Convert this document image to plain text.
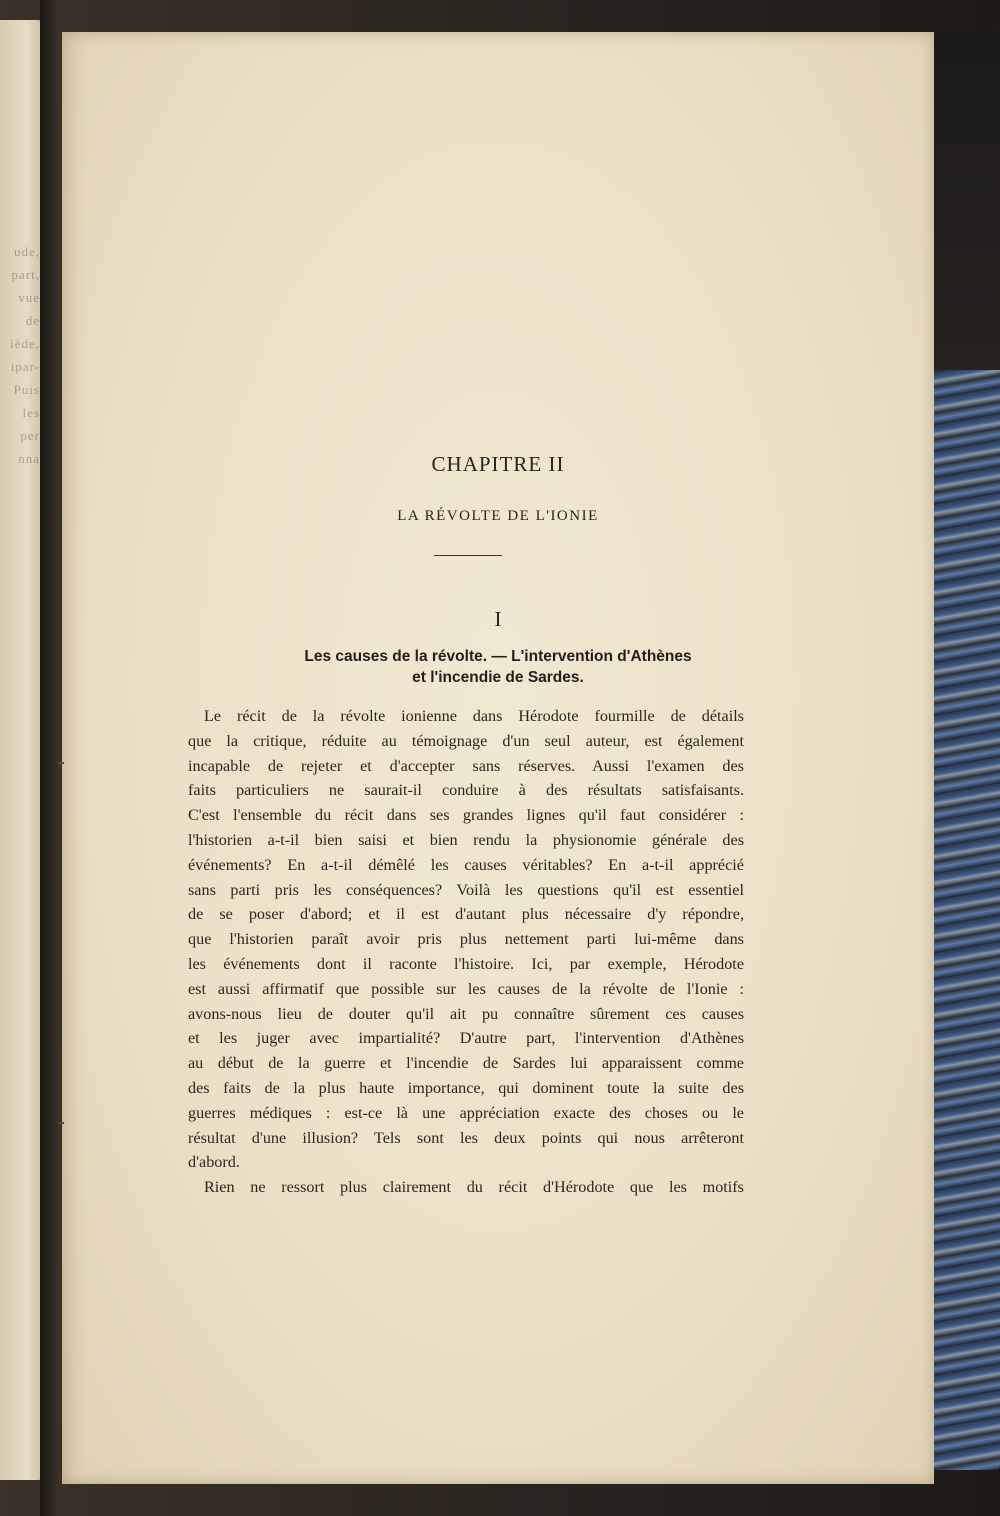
ude,
part,
vue
de
iède,
ipar-
Puis
les
per
nna	CHAPITRE II
LA RÉVOLTE DE L'IONIE
I
Les causes de la révolte. — L'intervention d'Athènes
et l'incendie de Sardes.
Le récit de la révolte ionienne dans Hérodote fourmille de détails
que la critique, réduite au témoignage d'un seul auteur, est également
incapable de rejeter et d'accepter sans réserves. Aussi l'examen des
faits particuliers ne saurait-il conduire à des résultats satisfaisants.
C'est l'ensemble du récit dans ses grandes lignes qu'il faut considérer :
l'historien a-t-il bien saisi et bien rendu la physionomie générale des
événements? En a-t-il démêlé les causes véritables? En a-t-il apprécié
sans parti pris les conséquences? Voilà les questions qu'il est essentiel
de se poser d'abord; et il est d'autant plus nécessaire d'y répondre,
que l'historien paraît avoir pris plus nettement parti lui-même dans
les événements dont il raconte l'histoire. Ici, par exemple, Hérodote
est aussi affirmatif que possible sur les causes de la révolte de l'Ionie :
avons-nous lieu de douter qu'il ait pu connaître sûrement ces causes
et les juger avec impartialité? D'autre part, l'intervention d'Athènes
au début de la guerre et l'incendie de Sardes lui apparaissent comme
des faits de la plus haute importance, qui dominent toute la suite des
guerres médiques : est-ce là une appréciation exacte des choses ou le
résultat d'une illusion? Tels sont les deux points qui nous arrêteront
d'abord.
Rien ne ressort plus clairement du récit d'Hérodote que les motifs
